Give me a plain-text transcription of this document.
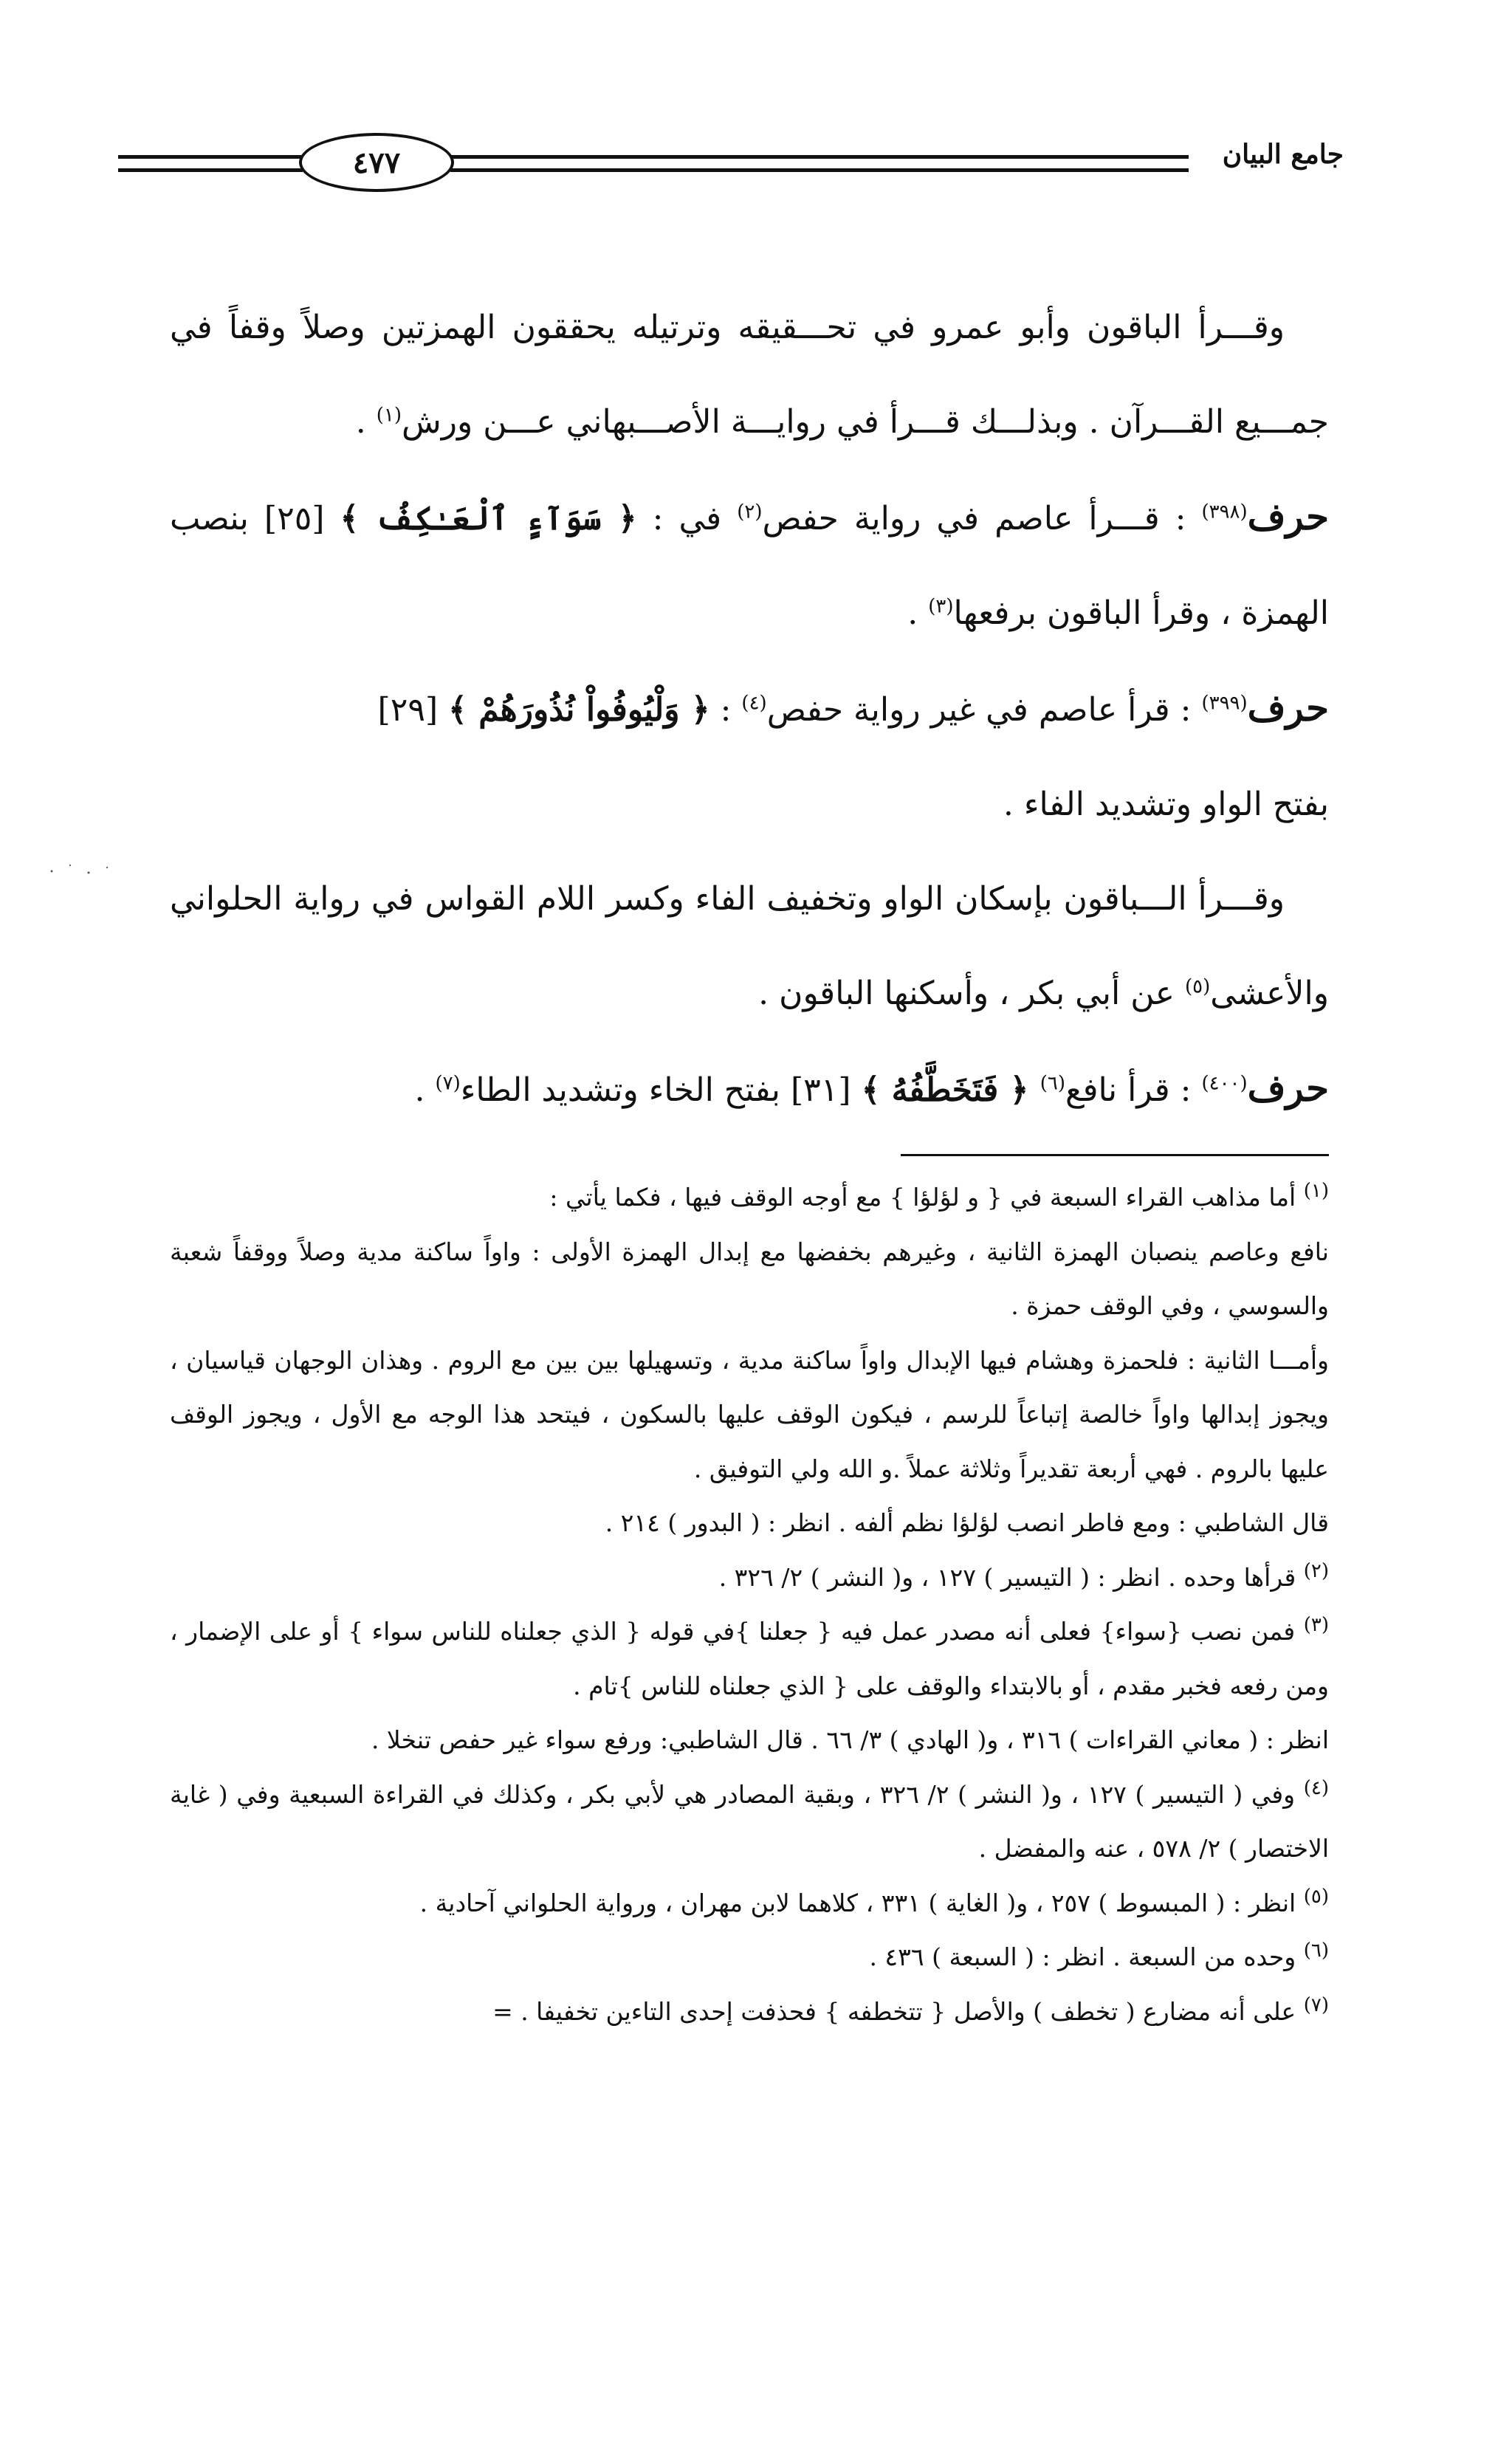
٤٧٧	جامع البيان

وقـــرأ الباقون وأبو عمرو في تحـــقيقه وترتيله يحققون الهمزتين وصلاً وقفاً في جمـــيع القـــرآن . وبذلـــك قـــرأ في روايـــة الأصـــبهاني عـــن ورش$^{(١)}$ .

حرف$^{(٣٩٨)}$ : قـــرأ عاصم في رواية حفص$^{(٢)}$ في : ﴿ سَوَآءٍ ٱلْعَـٰكِفُ ﴾ [٢٥] بنصب الهمزة ، وقرأ الباقون برفعها$^{(٣)}$ .

حرف$^{(٣٩٩)}$ : قرأ عاصم في غير رواية حفص$^{(٤)}$ : ﴿ وَلْيُوفُواْ نُذُورَهُمْ ﴾ [٢٩]
بفتح الواو وتشديد الفاء .

وقـــرأ الـــباقون بإسكان الواو وتخفيف الفاء وكسر اللام القواس في رواية الحلواني والأعشى$^{(٥)}$ عن أبي بكر ، وأسكنها الباقون .

حرف$^{(٤٠٠)}$ : قرأ نافع$^{(٦)}$ ﴿ فَتَخَطَّفُهُ ﴾ [٣١] بفتح الخاء وتشديد الطاء$^{(٧)}$ .

$^{(١)}$ أما مذاهب القراء السبعة في { و لؤلؤا } مع أوجه الوقف فيها ، فكما يأتي :

نافع وعاصم ينصبان الهمزة الثانية ، وغيرهم بخفضها مع إبدال الهمزة الأولى : واواً ساكنة مدية وصلاً ووقفاً شعبة والسوسي ، وفي الوقف حمزة .

وأمـــا الثانية : فلحمزة وهشام فيها الإبدال واواً ساكنة مدية ، وتسهيلها بين بين مع الروم . وهذان الوجهان قياسيان ، ويجوز إبدالها واواً خالصة إتباعاً للرسم ، فيكون الوقف عليها بالسكون ، فيتحد هذا الوجه مع الأول ، ويجوز الوقف عليها بالروم . فهي أربعة تقديراً وثلاثة عملاً .و الله ولي التوفيق .

قال الشاطبي : ومع فاطر انصب لؤلؤا نظم ألفه . انظر : ( البدور ) ٢١٤ .

$^{(٢)}$ قرأها وحده . انظر : ( التيسير ) ١٢٧ ، و( النشر ) ٢/ ٣٢٦ .

$^{(٣)}$ فمن نصب {سواء} فعلى أنه مصدر عمل فيه { جعلنا }في قوله { الذي جعلناه للناس سواء } أو على الإضمار ، ومن رفعه فخبر مقدم ، أو بالابتداء والوقف على { الذي جعلناه للناس }تام .

انظر : ( معاني القراءات ) ٣١٦ ، و( الهادي ) ٣/ ٦٦ . قال الشاطبي: ورفع سواء غير حفص تنخلا .

$^{(٤)}$ وفي ( التيسير ) ١٢٧ ، و( النشر ) ٢/ ٣٢٦ ، وبقية المصادر هي لأبي بكر ، وكذلك في القراءة السبعية وفي ( غاية الاختصار ) ٢/ ٥٧٨ ، عنه والمفضل .

$^{(٥)}$ انظر : ( المبسوط ) ٢٥٧ ، و( الغاية ) ٣٣١ ، كلاهما لابن مهران ، ورواية الحلواني آحادية .

$^{(٦)}$ وحده من السبعة . انظر : ( السبعة ) ٤٣٦ .

$^{(٧)}$ على أنه مضارع ( تخطف ) والأصل { تتخطفه } فحذفت إحدى التاءين تخفيفا . =
